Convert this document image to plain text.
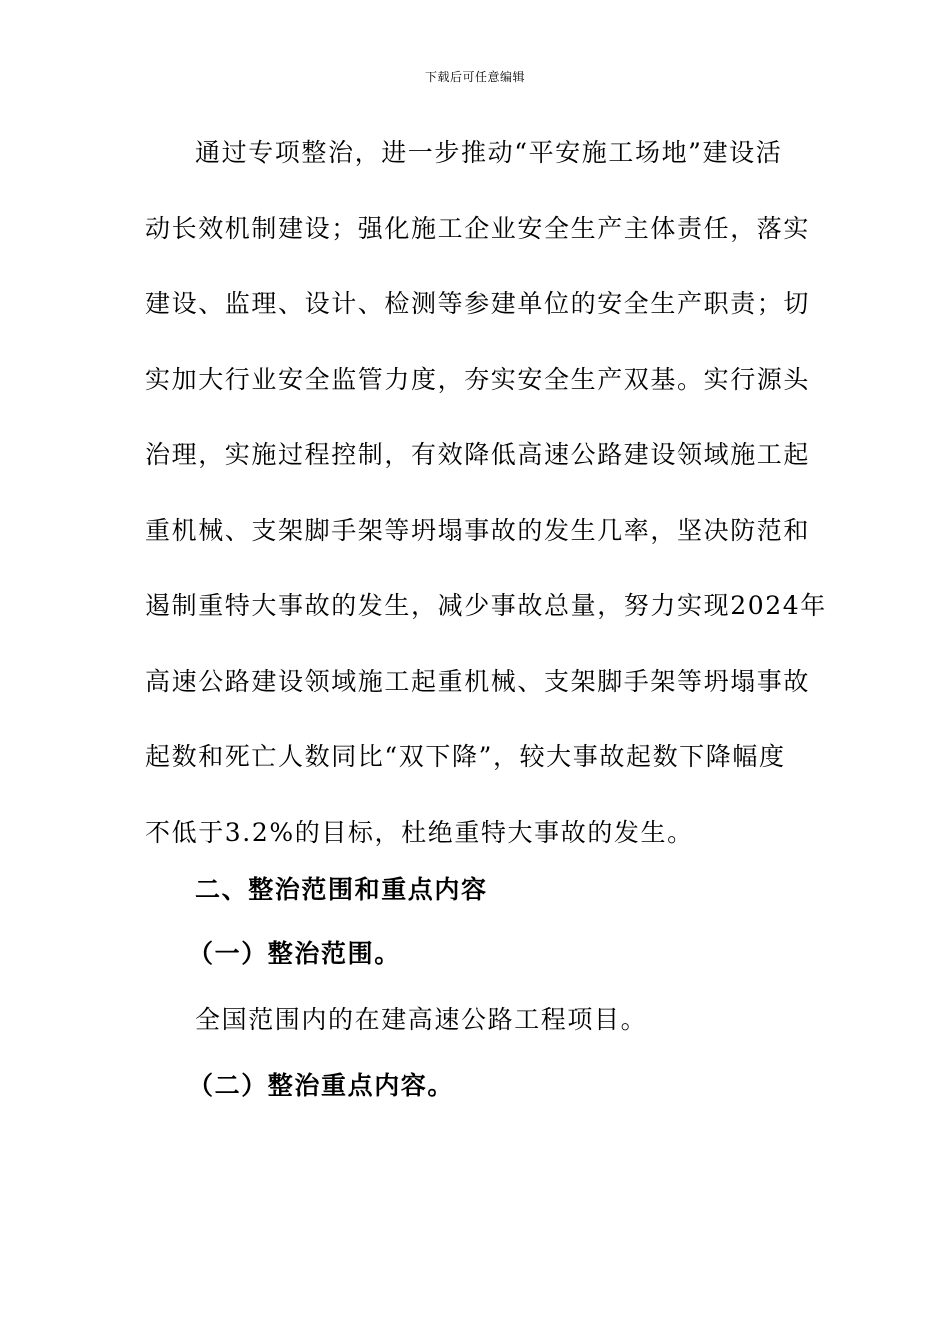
下载后可任意编辑

通过专项整治，进一步推动“平安施工场地”建设活
动长效机制建设；强化施工企业安全生产主体责任，落实
建设、监理、设计、检测等参建单位的安全生产职责；切
实加大行业安全监管力度，夯实安全生产双基。实行源头
治理，实施过程控制，有效降低高速公路建设领域施工起
重机械、支架脚手架等坍塌事故的发生几率，坚决防范和
遏制重特大事故的发生，减少事故总量，努力实现2024年
高速公路建设领域施工起重机械、支架脚手架等坍塌事故
起数和死亡人数同比“双下降”，较大事故起数下降幅度
不低于3.2%的目标，杜绝重特大事故的发生。

二、整治范围和重点内容
（一）整治范围。

全国范围内的在建高速公路工程项目。

（二）整治重点内容。
